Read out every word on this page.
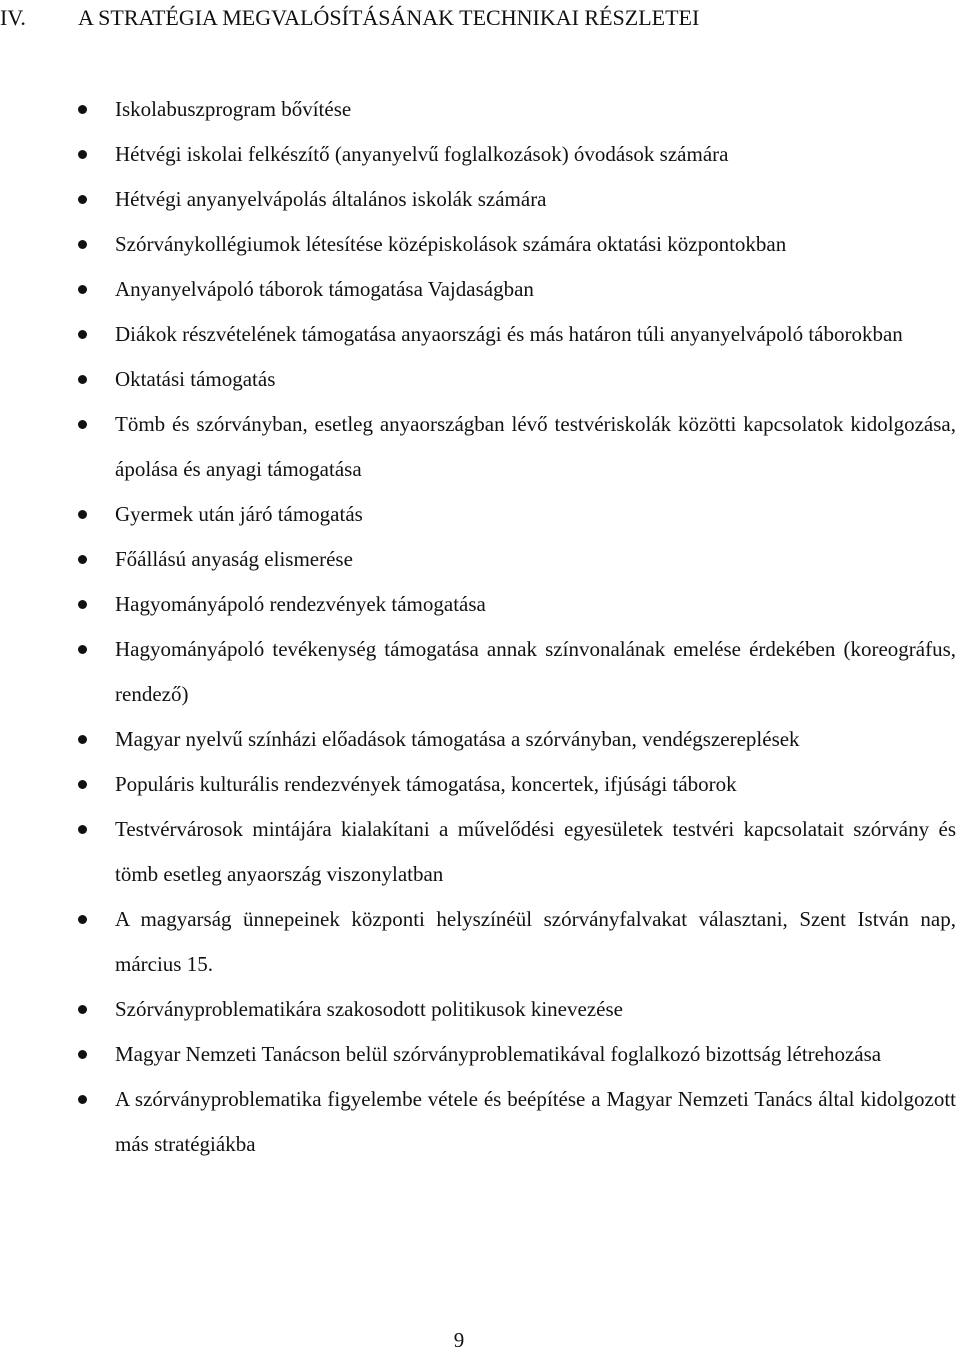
IV. A STRATÉGIA MEGVALÓSÍTÁSÁNAK TECHNIKAI RÉSZLETEI
Iskolabuszprogram bővítése
Hétvégi iskolai felkészítő (anyanyelvű foglalkozások) óvodások számára
Hétvégi anyanyelvápolás általános iskolák számára
Szórványkollégiumok létesítése középiskolások számára oktatási központokban
Anyanyelvápoló táborok támogatása Vajdaságban
Diákok részvételének támogatása anyaországi és más határon túli anyanyelvápoló táborokban
Oktatási támogatás
Tömb és szórványban, esetleg anyaországban lévő testvériskolák közötti kapcsolatok kidolgozása, ápolása és anyagi támogatása
Gyermek után járó támogatás
Főállású anyaság elismerése
Hagyományápoló rendezvények támogatása
Hagyományápoló tevékenység támogatása annak színvonalának emelése érdekében (koreográfus, rendező)
Magyar nyelvű színházi előadások támogatása a szórványban, vendégszereplések
Populáris kulturális rendezvények támogatása, koncertek, ifjúsági táborok
Testvérvárosok mintájára kialakítani a művelődési egyesületek testvéri kapcsolatait szórvány és tömb esetleg anyaország viszonylatban
A magyarság ünnepeinek központi helyszínéül szórványfalvakat választani, Szent István nap, március 15.
Szórványproblematikára szakosodott politikusok kinevezése
Magyar Nemzeti Tanácson belül szórványproblematikával foglalkozó bizottság létrehozása
A szórványproblematika figyelembe vétele és beépítése a Magyar Nemzeti Tanács által kidolgozott más stratégiákba
9
